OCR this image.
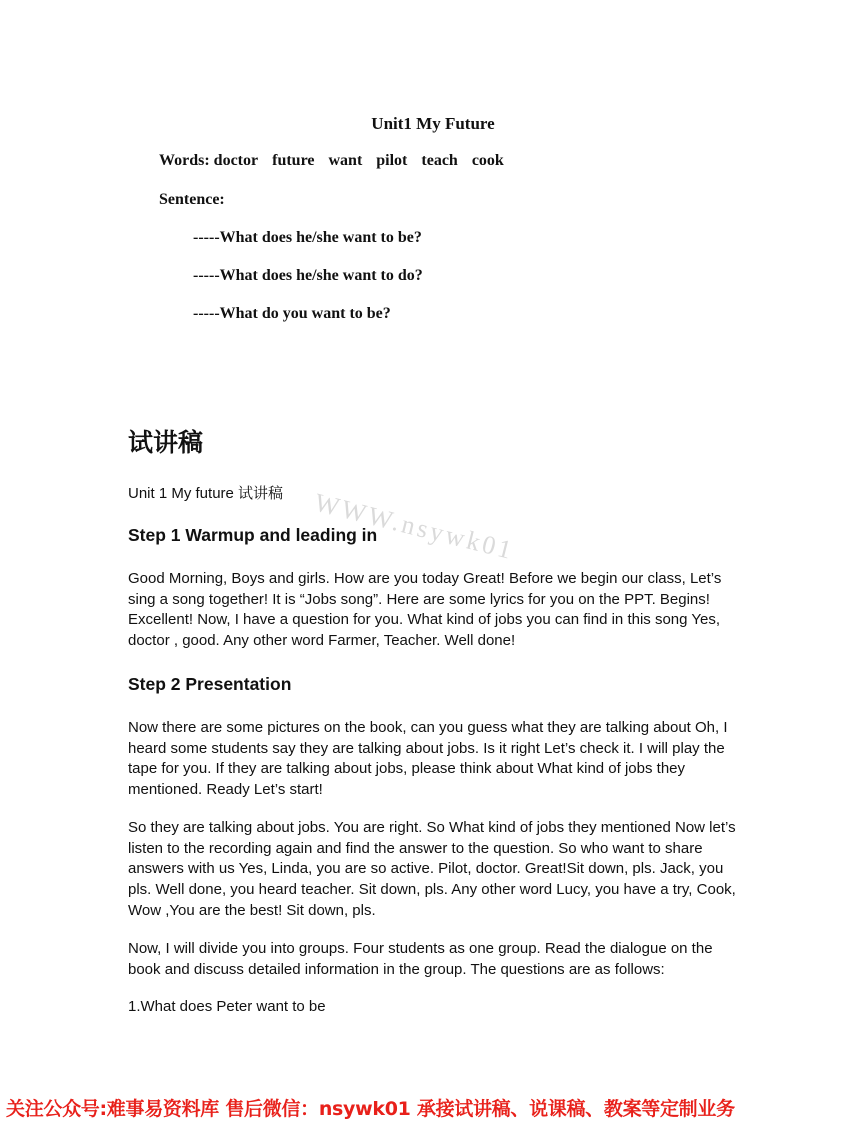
Unit1 My Future
Words: doctor future want pilot teach cook
Sentence:
-----What does he/she want to be?
-----What does he/she want to do?
-----What do you want to be?
试讲稿
Unit 1 My future 试讲稿 WWW.nsywk01
Step 1 Warmup and leading in

Good Morning, Boys and girls. How are you today Great! Before we begin our class, Let’s sing a song together! It is “Jobs song”. Here are some lyrics for you on the PPT. Begins! Excellent! Now, I have a question for you. What kind of jobs you can find in this song Yes, doctor , good. Any other word Farmer, Teacher. Well done!

Step 2 Presentation

Now there are some pictures on the book, can you guess what they are talking about Oh, I heard some students say they are talking about jobs. Is it right Let’s check it. I will play the tape for you. If they are talking about jobs, please think about What kind of jobs they mentioned. Ready Let’s start!

So they are talking about jobs. You are right. So What kind of jobs they mentioned Now let’s listen to the recording again and find the answer to the question. So who want to share answers with us Yes, Linda, you are so active. Pilot, doctor. Great!Sit down, pls. Jack, you pls. Well done, you heard teacher. Sit down, pls. Any other word Lucy, you have a try, Cook, Wow ,You are the best! Sit down, pls.

Now, I will divide you into groups. Four students as one group. Read the dialogue on the book and discuss detailed information in the group. The questions are as follows:

1.What does Peter want to be

关注公众号:难事易资料库 售后微信：nsywk01 承接试讲稿、说课稿、教案等定制业务
